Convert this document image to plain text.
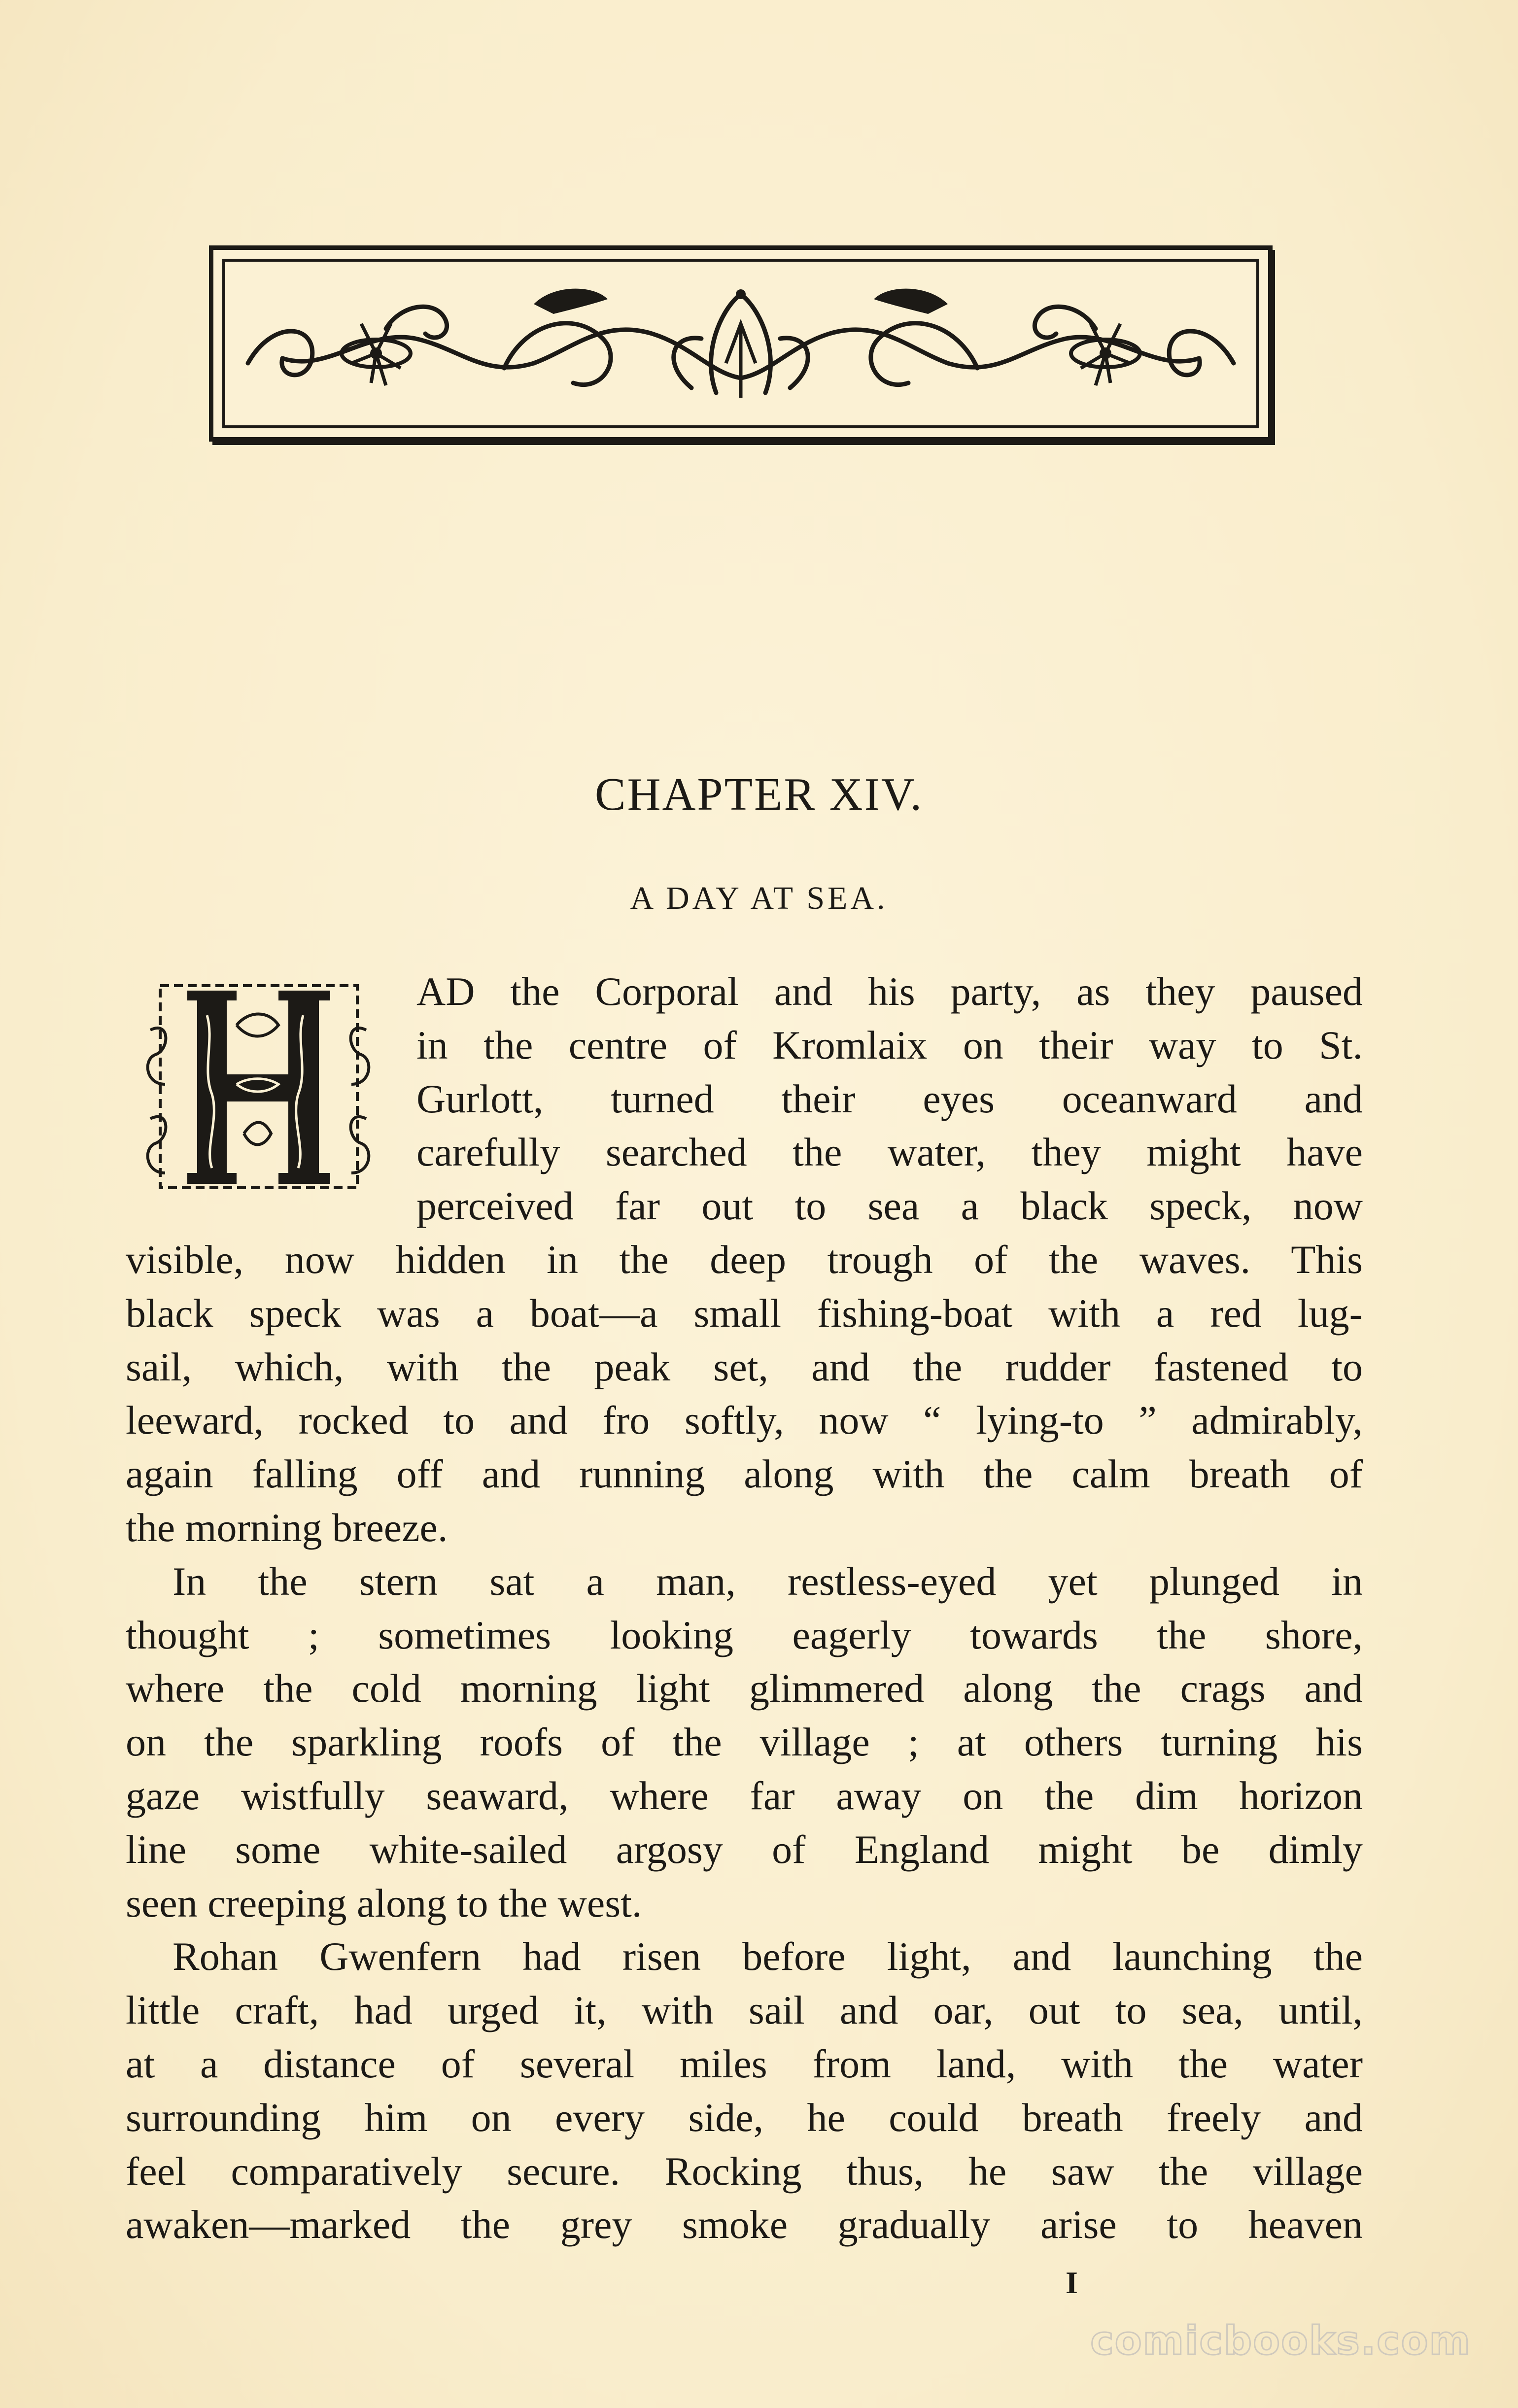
CHAPTER XIV.
A DAY AT SEA.
AD the Corporal and his party, as they paused
in the centre of Kromlaix on their way to St.
Gurlott, turned their eyes oceanward and
carefully searched the water, they might have
perceived far out to sea a black speck, now
visible, now hidden in the deep trough of the waves. This
black speck was a boat—a small fishing-boat with a red lug-
sail, which, with the peak set, and the rudder fastened to
leeward, rocked to and fro softly, now “ lying-to ” admirably,
again falling off and running along with the calm breath of
the morning breeze.
In the stern sat a man, restless-eyed yet plunged in
thought ; sometimes looking eagerly towards the shore,
where the cold morning light glimmered along the crags and
on the sparkling roofs of the village ; at others turning his
gaze wistfully seaward, where far away on the dim horizon
line some white-sailed argosy of England might be dimly
seen creeping along to the west.
Rohan Gwenfern had risen before light, and launching the
little craft, had urged it, with sail and oar, out to sea, until,
at a distance of several miles from land, with the water
surrounding him on every side, he could breath freely and
feel comparatively secure. Rocking thus, he saw the village
awaken—marked the grey smoke gradually arise to heaven
I
comicbooks.com
